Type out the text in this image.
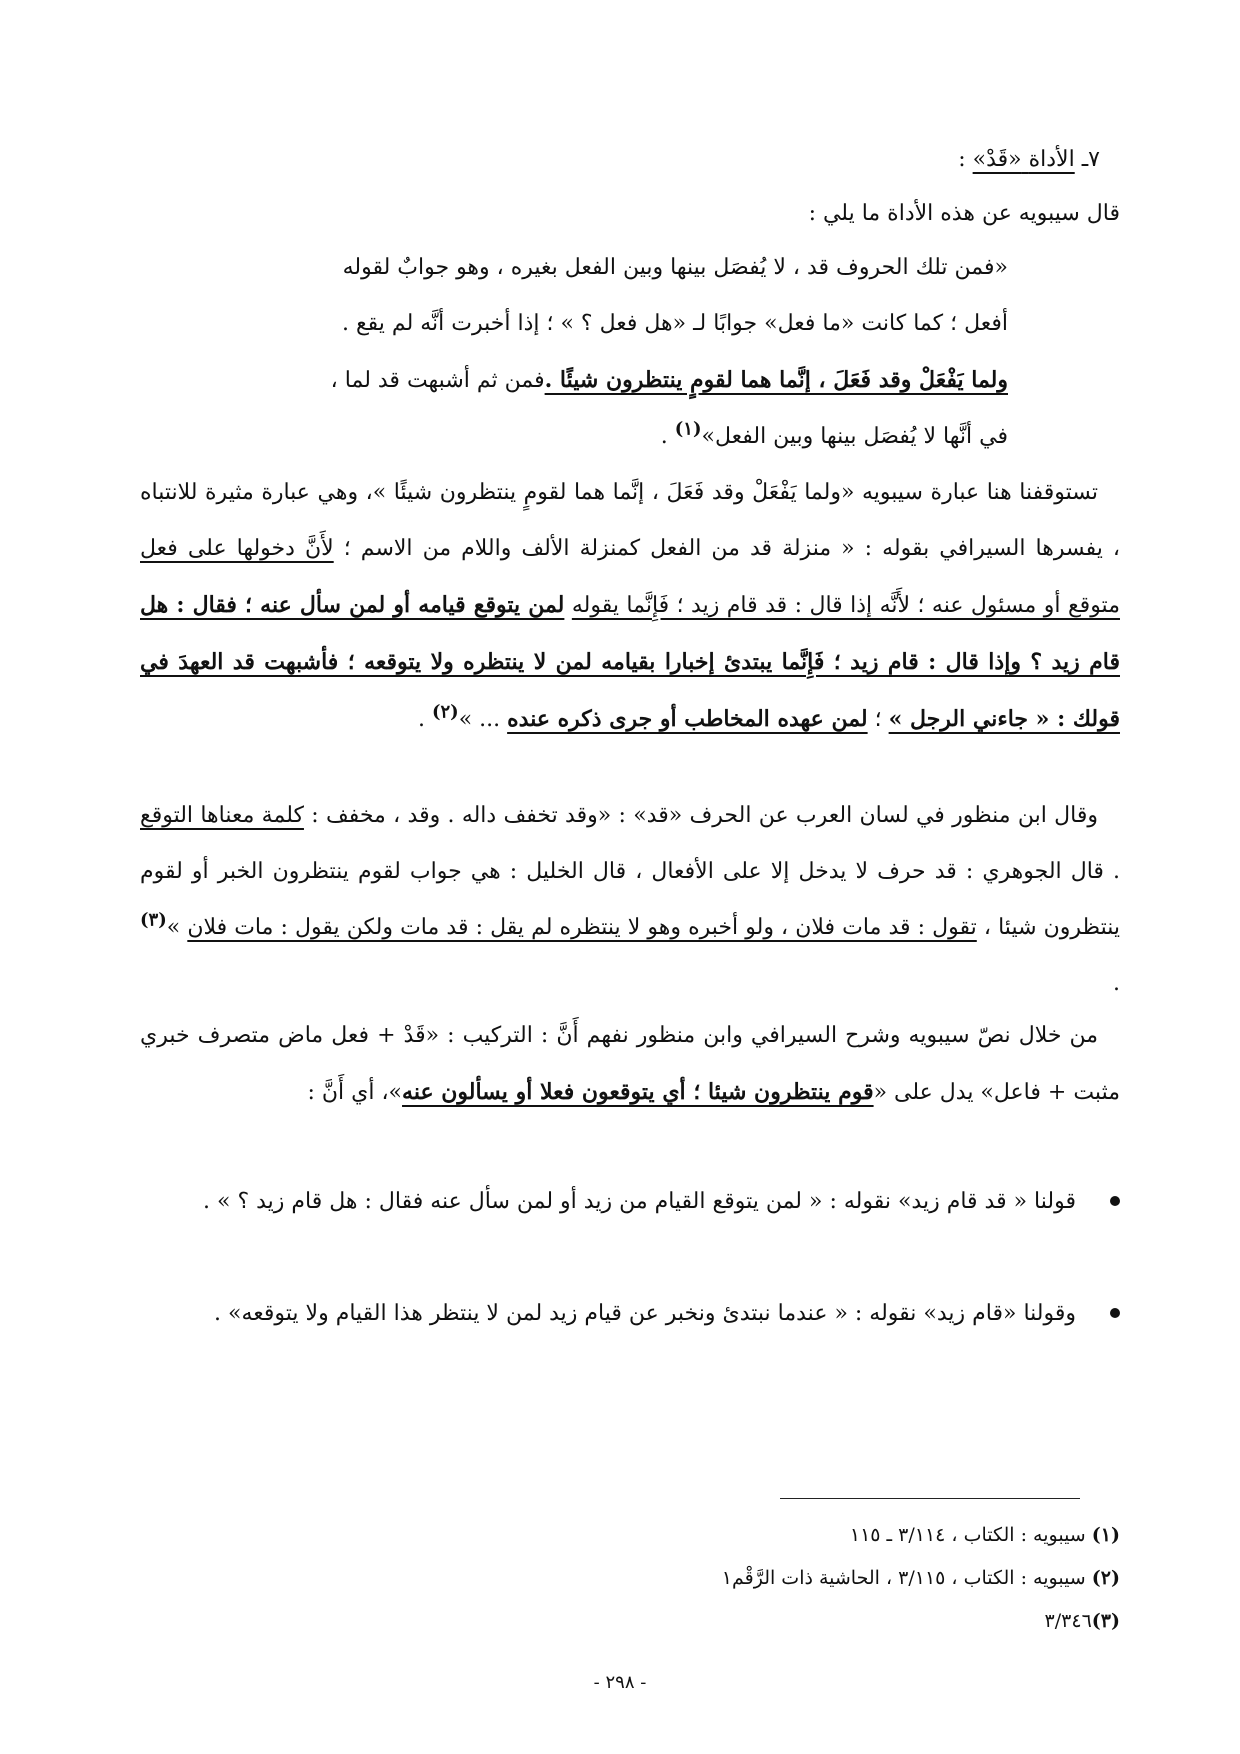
٧ـ الأداة «قَدْ» :
قال سيبويه عن هذه الأداة ما يلي :

«فمن تلك الحروف قد ، لا يُفصَل بينها وبين الفعل بغيره ، وهو جوابٌ لقوله

أفعل ؛ كما كانت «ما فعل» جوابًا لـ «هل فعل ؟ » ؛ إذا أخبرت أنَّه لم يقع .

ولما يَفْعَلْ وقد فَعَلَ ، إنَّما هما لقومٍ ينتظرون شيئًا .فمن ثم أشبهت قد لما ،

في أنَّها لا يُفصَل بينها وبين الفعل»$^{(١)}$ .

تستوقفنا هنا عبارة سيبويه «ولما يَفْعَلْ وقد فَعَلَ ، إنَّما هما لقومٍ ينتظرون شيئًا »، وهي عبارة مثيرة للانتباه ، يفسرها السيرافي بقوله : « منزلة قد من الفعل كمنزلة الألف واللام من الاسم ؛ لأَنَّ دخولها على فعل متوقع أو مسئول عنه ؛ لأَنَّه إذا قال : قد قام زيد ؛ فَإِنَّما يقوله لمن يتوقع قيامه أو لمن سأل عنه ؛ فقال : هل قام زيد ؟ وإذا قال : قام زيد ؛ فَإِنَّما يبتدئ إخبارا بقيامه لمن لا ينتظره ولا يتوقعه ؛ فأشبهت قد العهدَ في قولك : « جاءني الرجل » ؛ لمن عهده المخاطب أو جرى ذكره عنده ... »$^{(٢)}$ .

وقال ابن منظور في لسان العرب عن الحرف «قد» : «وقد تخفف داله . وقد ، مخفف : كلمة معناها التوقع . قال الجوهري : قد حرف لا يدخل إلا على الأفعال ، قال الخليل : هي جواب لقوم ينتظرون الخبر أو لقوم ينتظرون شيئا ، تقول : قد مات فلان ، ولو أخبره وهو لا ينتظره لم يقل : قد مات ولكن يقول : مات فلان »$^{(٣)}$ .

من خلال نصّ سيبويه وشرح السيرافي وابن منظور نفهم أَنَّ : التركيب : «قَدْ + فعل ماض متصرف خبري مثبت + فاعل» يدل على «قوم ينتظرون شيئا ؛ أي يتوقعون فعلا أو يسألون عنه»، أي أَنَّ :

قولنا « قد قام زيد» نقوله : « لمن يتوقع القيام من زيد أو لمن سأل عنه فقال : هل قام زيد ؟ » .

وقولنا «قام زيد» نقوله : « عندما نبتدئ ونخبر عن قيام زيد لمن لا ينتظر هذا القيام ولا يتوقعه» .

(١) سيبويه : الكتاب ، ٣/١١٤ ـ ١١٥
(٢) سيبويه : الكتاب ، ٣/١١٥ ، الحاشية ذات الرَّقْم١
(٣)٣/٣٤٦
- ٢٩٨ -
